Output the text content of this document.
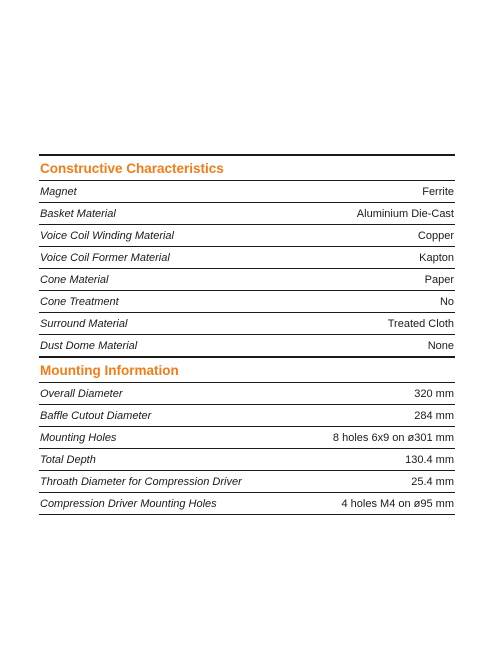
Constructive Characteristics
Magnet	Ferrite
Basket Material	Aluminium Die-Cast
Voice Coil Winding Material	Copper
Voice Coil Former Material	Kapton
Cone Material	Paper
Cone Treatment	No
Surround Material	Treated Cloth
Dust Dome Material	None
Mounting Information
Overall Diameter	320 mm
Baffle Cutout Diameter	284 mm
Mounting Holes	8 holes 6x9 on ø301 mm
Total Depth	130.4 mm
Throath Diameter for Compression Driver	25.4 mm
Compression Driver Mounting Holes	4 holes M4 on ø95 mm
